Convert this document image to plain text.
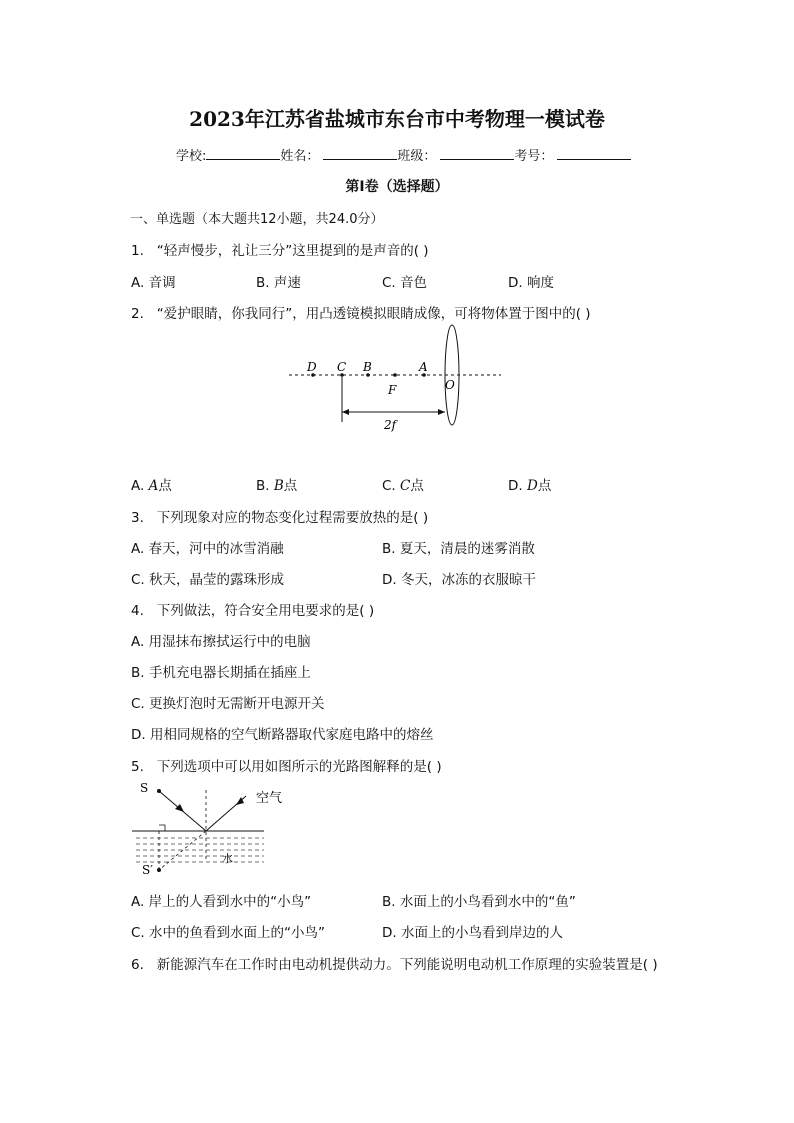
2023年江苏省盐城市东台市中考物理一模试卷
学校:	姓名：	班级：	考号：
第Ⅰ卷（选择题）
一、单选题（本大题共12小题，共24.0分）
1. “轻声慢步，礼让三分”这里提到的是声音的( )
A. 音调	B. 声速	C. 音色	D. 响度
2. “爱护眼睛，你我同行”，用凸透镜模拟眼睛成像，可将物体置于图中的( )
D C B	A
F	O
2f
A. A点	B. B点	C. C点	D. D点
3. 下列现象对应的物态变化过程需要放热的是( )
A. 春天，河中的冰雪消融	B. 夏天，清晨的迷雾消散
C. 秋天，晶莹的露珠形成	D. 冬天，冰冻的衣服晾干
4. 下列做法，符合安全用电要求的是( )
A. 用湿抹布擦拭运行中的电脑
B. 手机充电器长期插在插座上
C. 更换灯泡时无需断开电源开关
D. 用相同规格的空气断路器取代家庭电路中的熔丝
5. 下列选项中可以用如图所示的光路图解释的是( )
S
S′
空气
水
A. 岸上的人看到水中的“小鸟”	B. 水面上的小鸟看到水中的“鱼”
C. 水中的鱼看到水面上的“小鸟”	D. 水面上的小鸟看到岸边的人
6. 新能源汽车在工作时由电动机提供动力。下列能说明电动机工作原理的实验装置是( )
